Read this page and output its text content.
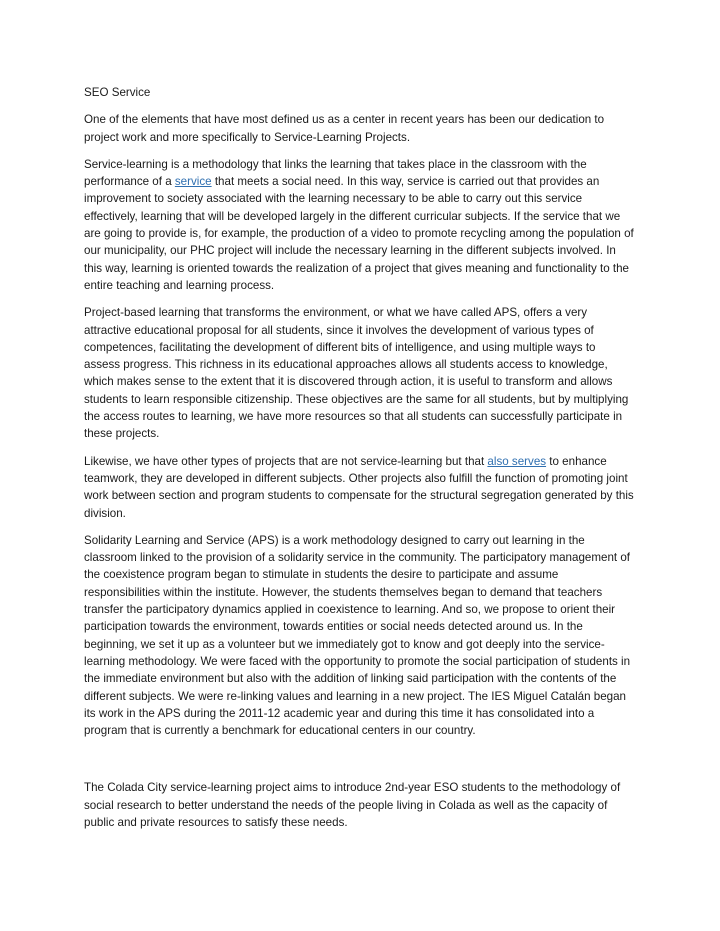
SEO Service

One of the elements that have most defined us as a center in recent years has been our dedication to project work and more specifically to Service-Learning Projects.

Service-learning is a methodology that links the learning that takes place in the classroom with the performance of a service that meets a social need. In this way, service is carried out that provides an improvement to society associated with the learning necessary to be able to carry out this service effectively, learning that will be developed largely in the different curricular subjects. If the service that we are going to provide is, for example, the production of a video to promote recycling among the population of our municipality, our PHC project will include the necessary learning in the different subjects involved. In this way, learning is oriented towards the realization of a project that gives meaning and functionality to the entire teaching and learning process.

Project-based learning that transforms the environment, or what we have called APS, offers a very attractive educational proposal for all students, since it involves the development of various types of competences, facilitating the development of different bits of intelligence, and using multiple ways to assess progress. This richness in its educational approaches allows all students access to knowledge, which makes sense to the extent that it is discovered through action, it is useful to transform and allows students to learn responsible citizenship. These objectives are the same for all students, but by multiplying the access routes to learning, we have more resources so that all students can successfully participate in these projects.

Likewise, we have other types of projects that are not service-learning but that also serves to enhance teamwork, they are developed in different subjects. Other projects also fulfill the function of promoting joint work between section and program students to compensate for the structural segregation generated by this division.

Solidarity Learning and Service (APS) is a work methodology designed to carry out learning in the classroom linked to the provision of a solidarity service in the community. The participatory management of the coexistence program began to stimulate in students the desire to participate and assume responsibilities within the institute. However, the students themselves began to demand that teachers transfer the participatory dynamics applied in coexistence to learning. And so, we propose to orient their participation towards the environment, towards entities or social needs detected around us. In the beginning, we set it up as a volunteer but we immediately got to know and got deeply into the service-learning methodology. We were faced with the opportunity to promote the social participation of students in the immediate environment but also with the addition of linking said participation with the contents of the different subjects. We were re-linking values and learning in a new project. The IES Miguel Catalán began its work in the APS during the 2011-12 academic year and during this time it has consolidated into a program that is currently a benchmark for educational centers in our country.

The Colada City service-learning project aims to introduce 2nd-year ESO students to the methodology of social research to better understand the needs of the people living in Colada as well as the capacity of public and private resources to satisfy these needs.
